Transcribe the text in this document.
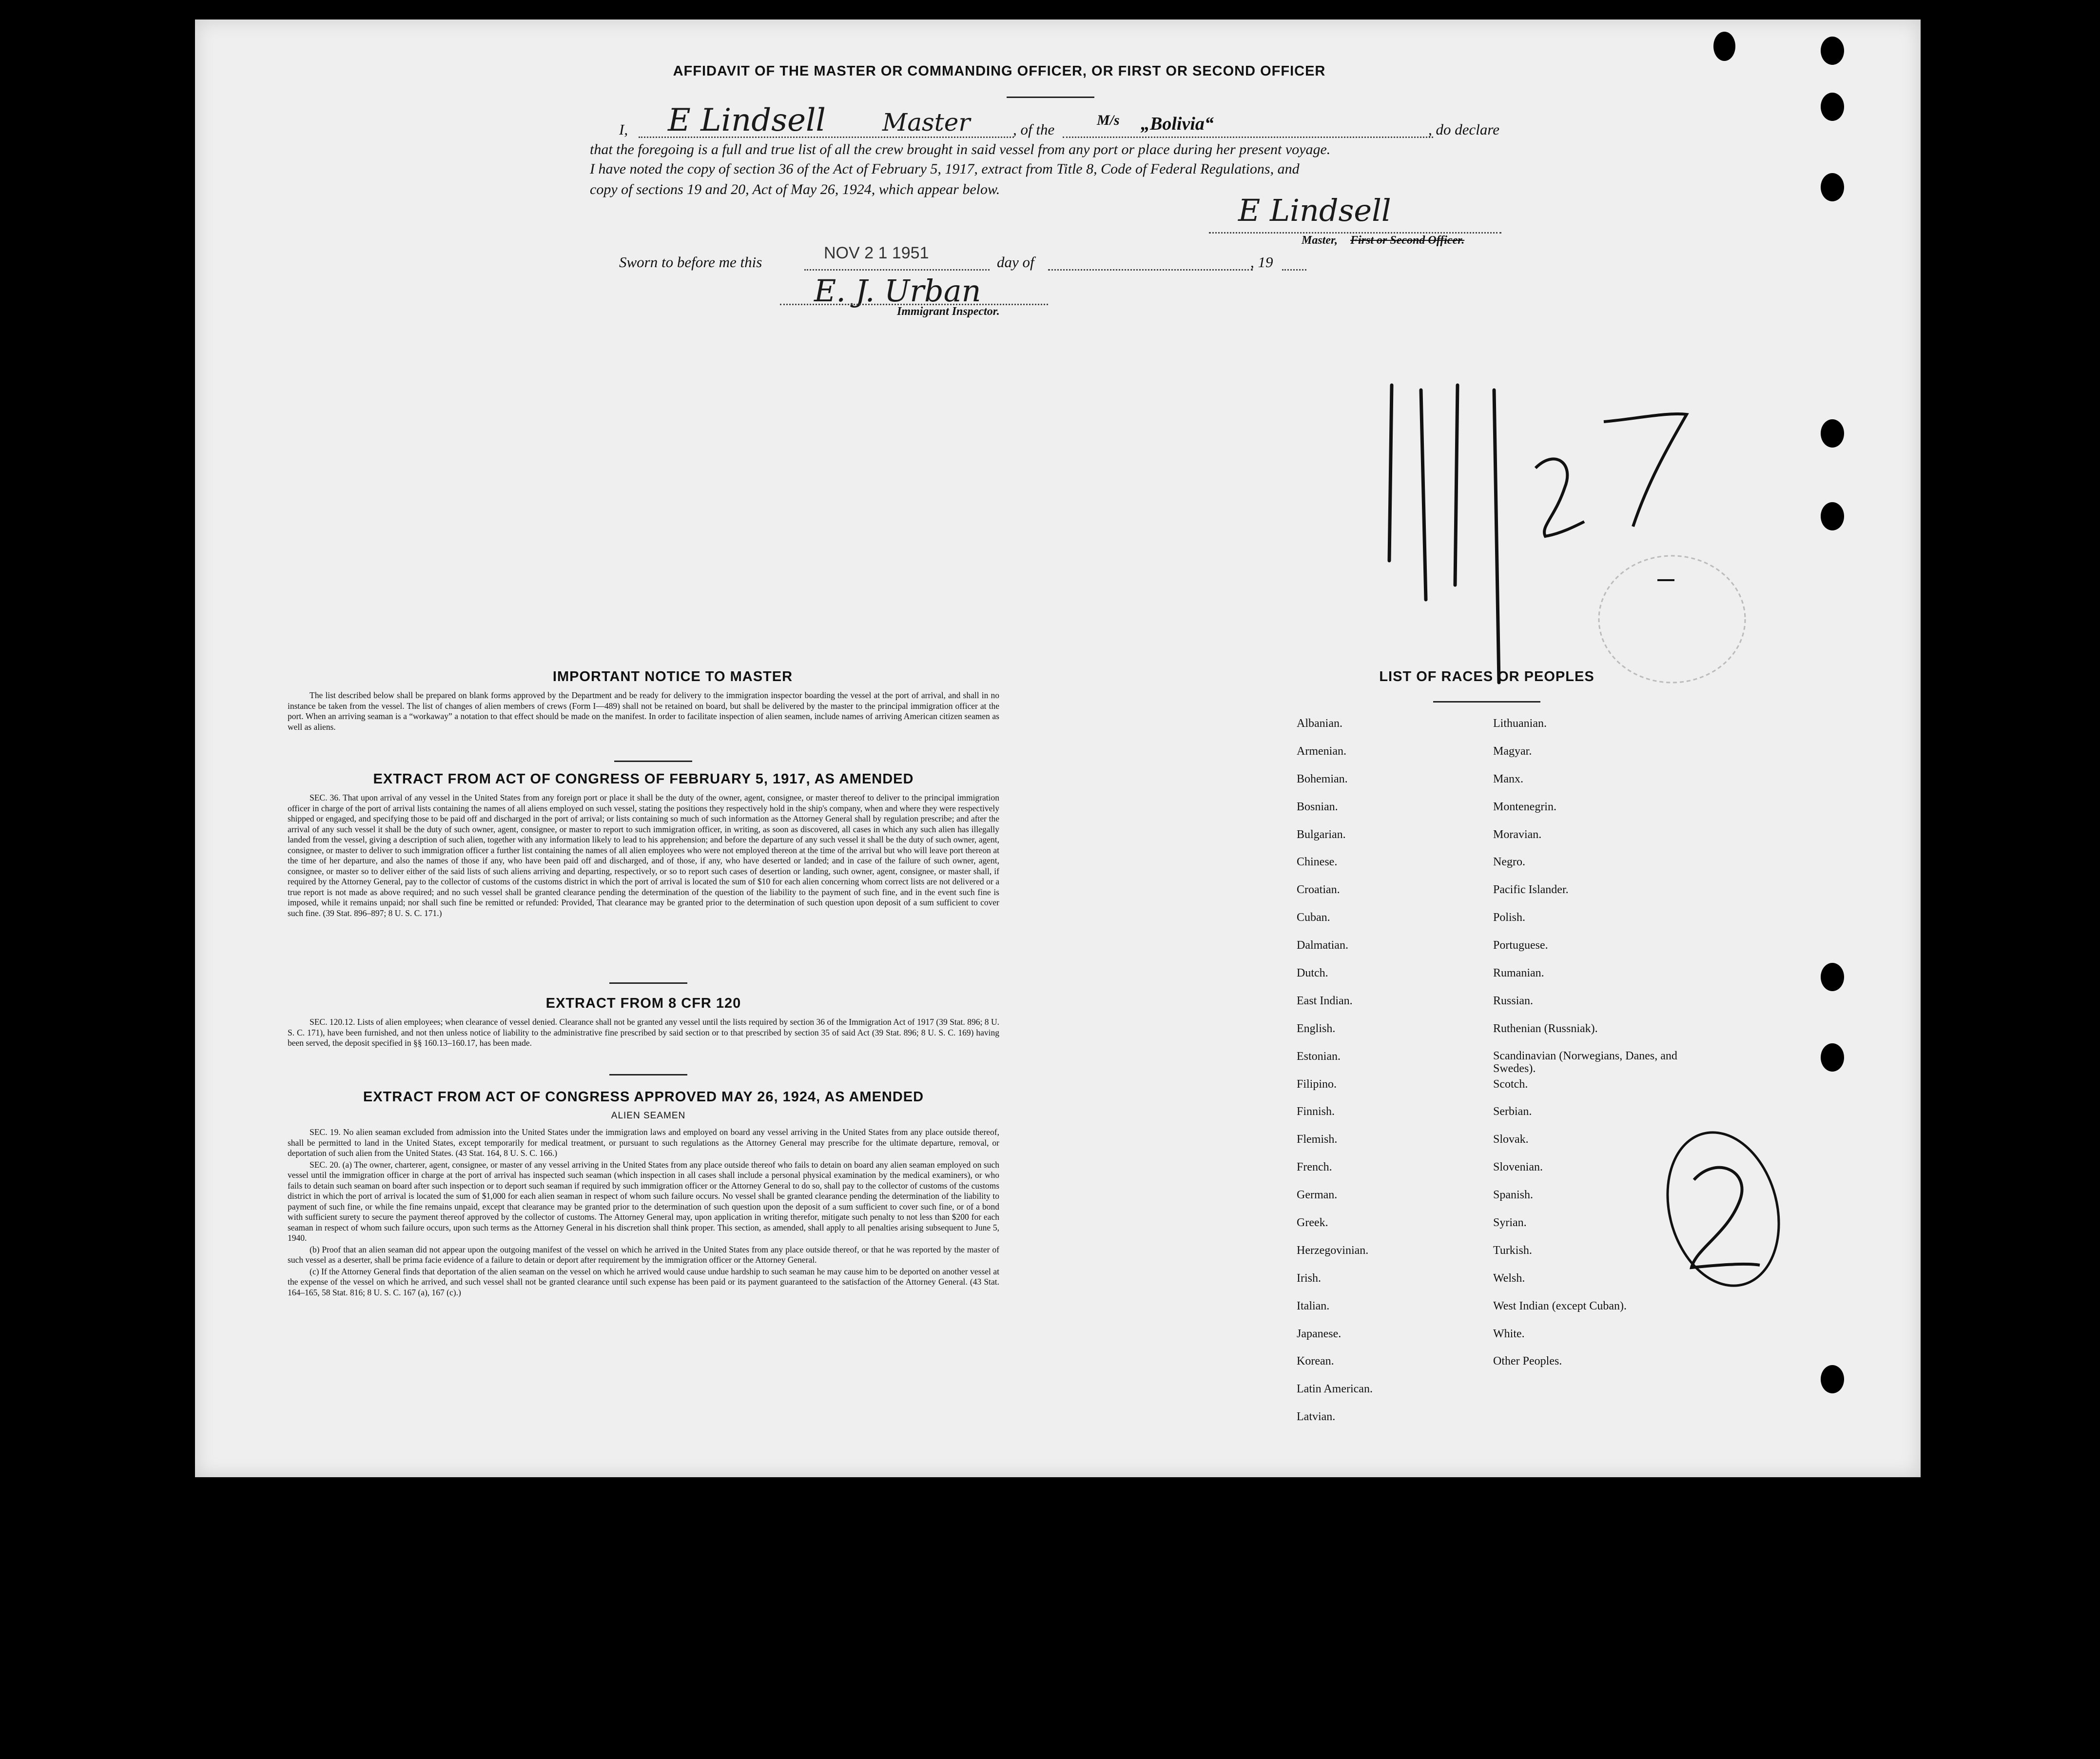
AFFIDAVIT OF THE MASTER OR COMMANDING OFFICER, OR FIRST OR SECOND OFFICER
I, E Lindsell Master	, of the
M/s „Bolivia“	, do declare
that the foregoing is a full and true list of all the crew brought in said vessel from any port or place during her present voyage.
I have noted the copy of section 36 of the Act of February 5, 1917, extract from Title 8, Code of Federal Regulations, and
copy of sections 19 and 20, Act of May 26, 1924, which appear below.
E Lindsell
Master, First or Second Officer.
Sworn to before me this	NOV 2 1 1951	day of	, 19
E. J. Urban
Immigrant Inspector.
IMPORTANT NOTICE TO MASTER

The list described below shall be prepared on blank forms approved by the Department and be ready for delivery to the immigration inspector boarding the vessel at the port of arrival, and shall in no instance be taken from the vessel. The list of changes of alien members of crews (Form I—489) shall not be retained on board, but shall be delivered by the master to the principal immigration officer at the port. When an arriving seaman is a “workaway” a notation to that effect should be made on the manifest. In order to facilitate inspection of alien seamen, include names of arriving American citizen seamen as well as aliens.

EXTRACT FROM ACT OF CONGRESS OF FEBRUARY 5, 1917, AS AMENDED

SEC. 36. That upon arrival of any vessel in the United States from any foreign port or place it shall be the duty of the owner, agent, consignee, or master thereof to deliver to the principal immigration officer in charge of the port of arrival lists containing the names of all aliens employed on such vessel, stating the positions they respectively hold in the ship's company, when and where they were respectively shipped or engaged, and specifying those to be paid off and discharged in the port of arrival; or lists containing so much of such information as the Attorney General shall by regulation prescribe; and after the arrival of any such vessel it shall be the duty of such owner, agent, consignee, or master to report to such immigration officer, in writing, as soon as discovered, all cases in which any such alien has illegally landed from the vessel, giving a description of such alien, together with any information likely to lead to his apprehension; and before the departure of any such vessel it shall be the duty of such owner, agent, consignee, or master to deliver to such immigration officer a further list containing the names of all alien employees who were not employed thereon at the time of the arrival but who will leave port thereon at the time of her departure, and also the names of those if any, who have been paid off and discharged, and of those, if any, who have deserted or landed; and in case of the failure of such owner, agent, consignee, or master so to deliver either of the said lists of such aliens arriving and departing, respectively, or so to report such cases of desertion or landing, such owner, agent, consignee, or master shall, if required by the Attorney General, pay to the collector of customs of the customs district in which the port of arrival is located the sum of $10 for each alien concerning whom correct lists are not delivered or a true report is not made as above required; and no such vessel shall be granted clearance pending the determination of the question of the liability to the payment of such fine, and in the event such fine is imposed, while it remains unpaid; nor shall such fine be remitted or refunded: Provided, That clearance may be granted prior to the determination of such question upon deposit of a sum sufficient to cover such fine. (39 Stat. 896–897; 8 U. S. C. 171.)

EXTRACT FROM 8 CFR 120

SEC. 120.12. Lists of alien employees; when clearance of vessel denied. Clearance shall not be granted any vessel until the lists required by section 36 of the Immigration Act of 1917 (39 Stat. 896; 8 U. S. C. 171), have been furnished, and not then unless notice of liability to the administrative fine prescribed by said section or to that prescribed by section 35 of said Act (39 Stat. 896; 8 U. S. C. 169) having been served, the deposit specified in §§ 160.13–160.17, has been made.

EXTRACT FROM ACT OF CONGRESS APPROVED MAY 26, 1924, AS AMENDED
ALIEN SEAMEN

SEC. 19. No alien seaman excluded from admission into the United States under the immigration laws and employed on board any vessel arriving in the United States from any place outside thereof, shall be permitted to land in the United States, except temporarily for medical treatment, or pursuant to such regulations as the Attorney General may prescribe for the ultimate departure, removal, or deportation of such alien from the United States. (43 Stat. 164, 8 U. S. C. 166.)

SEC. 20. (a) The owner, charterer, agent, consignee, or master of any vessel arriving in the United States from any place outside thereof who fails to detain on board any alien seaman employed on such vessel until the immigration officer in charge at the port of arrival has inspected such seaman (which inspection in all cases shall include a personal physical examination by the medical examiners), or who fails to detain such seaman on board after such inspection or to deport such seaman if required by such immigration officer or the Attorney General to do so, shall pay to the collector of customs of the customs district in which the port of arrival is located the sum of $1,000 for each alien seaman in respect of whom such failure occurs. No vessel shall be granted clearance pending the determination of the liability to payment of such fine, or while the fine remains unpaid, except that clearance may be granted prior to the determination of such question upon the deposit of a sum sufficient to cover such fine, or of a bond with sufficient surety to secure the payment thereof approved by the collector of customs. The Attorney General may, upon application in writing therefor, mitigate such penalty to not less than $200 for each seaman in respect of whom such failure occurs, upon such terms as the Attorney General in his discretion shall think proper. This section, as amended, shall apply to all penalties arising subsequent to June 5, 1940.

(b) Proof that an alien seaman did not appear upon the outgoing manifest of the vessel on which he arrived in the United States from any place outside thereof, or that he was reported by the master of such vessel as a deserter, shall be prima facie evidence of a failure to detain or deport after requirement by the immigration officer or the Attorney General.

(c) If the Attorney General finds that deportation of the alien seaman on the vessel on which he arrived would cause undue hardship to such seaman he may cause him to be deported on another vessel at the expense of the vessel on which he arrived, and such vessel shall not be granted clearance until such expense has been paid or its payment guaranteed to the satisfaction of the Attorney General. (43 Stat. 164–165, 58 Stat. 816; 8 U. S. C. 167 (a), 167 (c).)

LIST OF RACES OR PEOPLES
Albanian.
Armenian.
Bohemian.
Bosnian.
Bulgarian.
Chinese.
Croatian.
Cuban.
Dalmatian.
Dutch.
East Indian.
English.
Estonian.
Filipino.
Finnish.
Flemish.
French.
German.
Greek.
Herzegovinian.
Irish.
Italian.
Japanese.
Korean.
Latin American.
Latvian.
Lithuanian.
Magyar.
Manx.
Montenegrin.
Moravian.
Negro.
Pacific Islander.
Polish.
Portuguese.
Rumanian.
Russian.
Ruthenian (Russniak).
Scandinavian (Norwegians, Danes, and Swedes).
Scotch.
Serbian.
Slovak.
Slovenian.
Spanish.
Syrian.
Turkish.
Welsh.
West Indian (except Cuban).
White.
Other Peoples.
